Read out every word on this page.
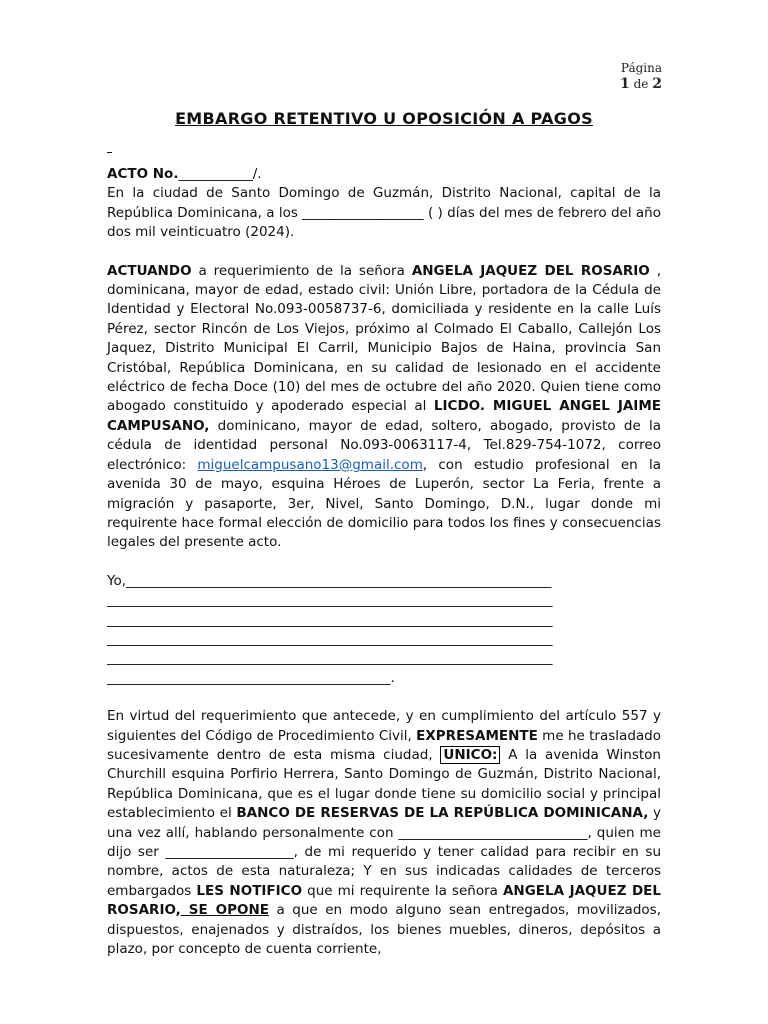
Página
1 de 2
EMBARGO RETENTIVO U OPOSICIÓN A PAGOS

ACTO No.___________/.

En la ciudad de Santo Domingo de Guzmán, Distrito Nacional, capital de la República Dominicana, a los __________________ ( ) días del mes de febrero del año dos mil veinticuatro (2024).

ACTUANDO a requerimiento de la señora ANGELA JAQUEZ DEL ROSARIO , dominicana, mayor de edad, estado civil: Unión Libre, portadora de la Cédula de Identidad y Electoral No.093-0058737-6, domiciliada y residente en la calle Luís Pérez, sector Rincón de Los Viejos, próximo al Colmado El Caballo, Callejón Los Jaquez, Distrito Municipal El Carril, Municipio Bajos de Haina, provincia San Cristóbal, República Dominicana, en su calidad de lesionado en el accidente eléctrico de fecha Doce (10) del mes de octubre del año 2020. Quien tiene como abogado constituido y apoderado especial al LICDO. MIGUEL ANGEL JAIME CAMPUSANO, dominicano, mayor de edad, soltero, abogado, provisto de la cédula de identidad personal No.093-0063117-4, Tel.829-754-1072, correo electrónico: miguelcampusano13@gmail.com, con estudio profesional en la avenida 30 de mayo, esquina Héroes de Luperón, sector La Feria, frente a migración y pasaporte, 3er, Nivel, Santo Domingo, D.N., lugar donde mi requirente hace formal elección de domicilio para todos los fines y consecuencias legales del presente acto.

Yo,_______________________________________________________________
__________________________________________________________________
__________________________________________________________________
__________________________________________________________________
__________________________________________________________________
__________________________________________.

En virtud del requerimiento que antecede, y en cumplimiento del artículo 557 y siguientes del Código de Procedimiento Civil, EXPRESAMENTE me he trasladado sucesivamente dentro de esta misma ciudad, UNICO: A la avenida Winston Churchill esquina Porfirio Herrera, Santo Domingo de Guzmán, Distrito Nacional, República Dominicana, que es el lugar donde tiene su domicilio social y principal establecimiento el BANCO DE RESERVAS DE LA REPÚBLICA DOMINICANA, y una vez allí, hablando personalmente con ____________________________, quien me dijo ser ___________________, de mi requerido y tener calidad para recibir en su nombre, actos de esta naturaleza; Y en sus indicadas calidades de terceros embargados LES NOTIFICO que mi requirente la señora ANGELA JAQUEZ DEL ROSARIO, SE OPONE a que en modo alguno sean entregados, movilizados, dispuestos, enajenados y distraídos, los bienes muebles, dineros, depósitos a plazo, por concepto de cuenta corriente,
